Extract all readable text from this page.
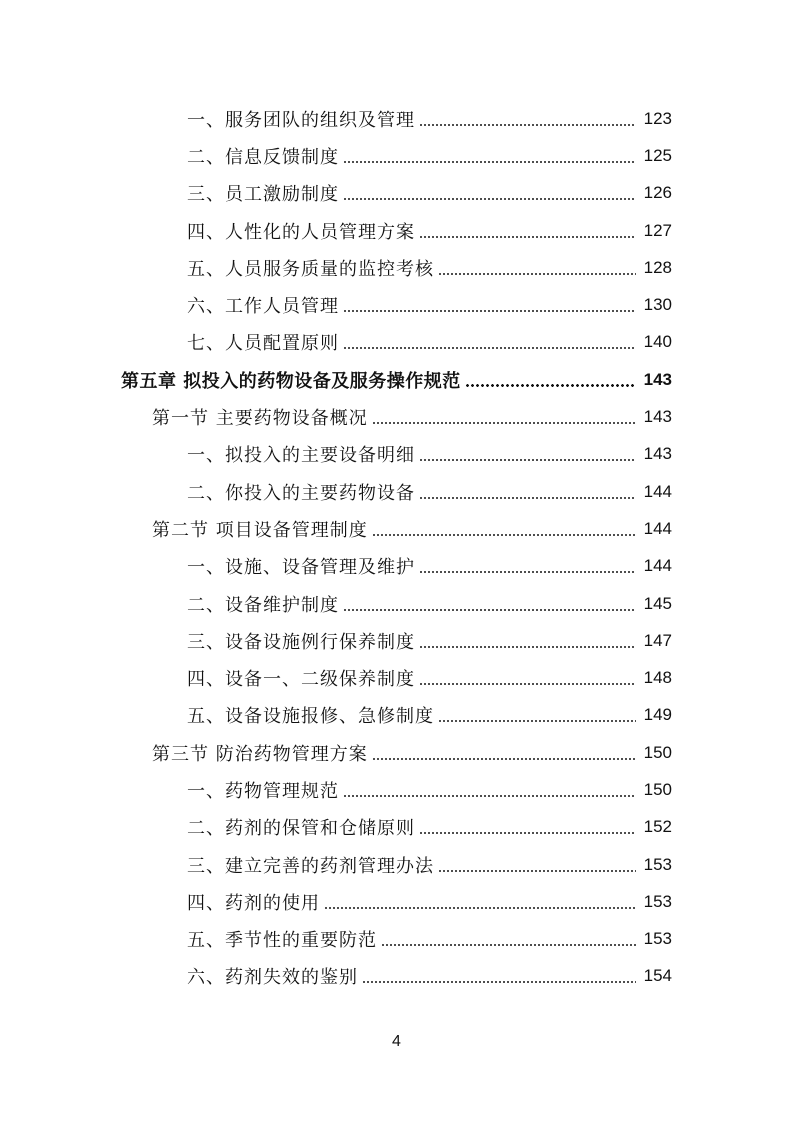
一、服务团队的组织及管理	123
二、信息反馈制度	125
三、员工激励制度	126
四、人性化的人员管理方案	127
五、人员服务质量的监控考核	128
六、工作人员管理	130
七、人员配置原则	140
第五章 拟投入的药物设备及服务操作规范	143
第一节 主要药物设备概况	143
一、拟投入的主要设备明细	143
二、你投入的主要药物设备	144
第二节 项目设备管理制度	144
一、设施、设备管理及维护	144
二、设备维护制度	145
三、设备设施例行保养制度	147
四、设备一、二级保养制度	148
五、设备设施报修、急修制度	149
第三节 防治药物管理方案	150
一、药物管理规范	150
二、药剂的保管和仓储原则	152
三、建立完善的药剂管理办法	153
四、药剂的使用	153
五、季节性的重要防范	153
六、药剂失效的鉴别	154
4
